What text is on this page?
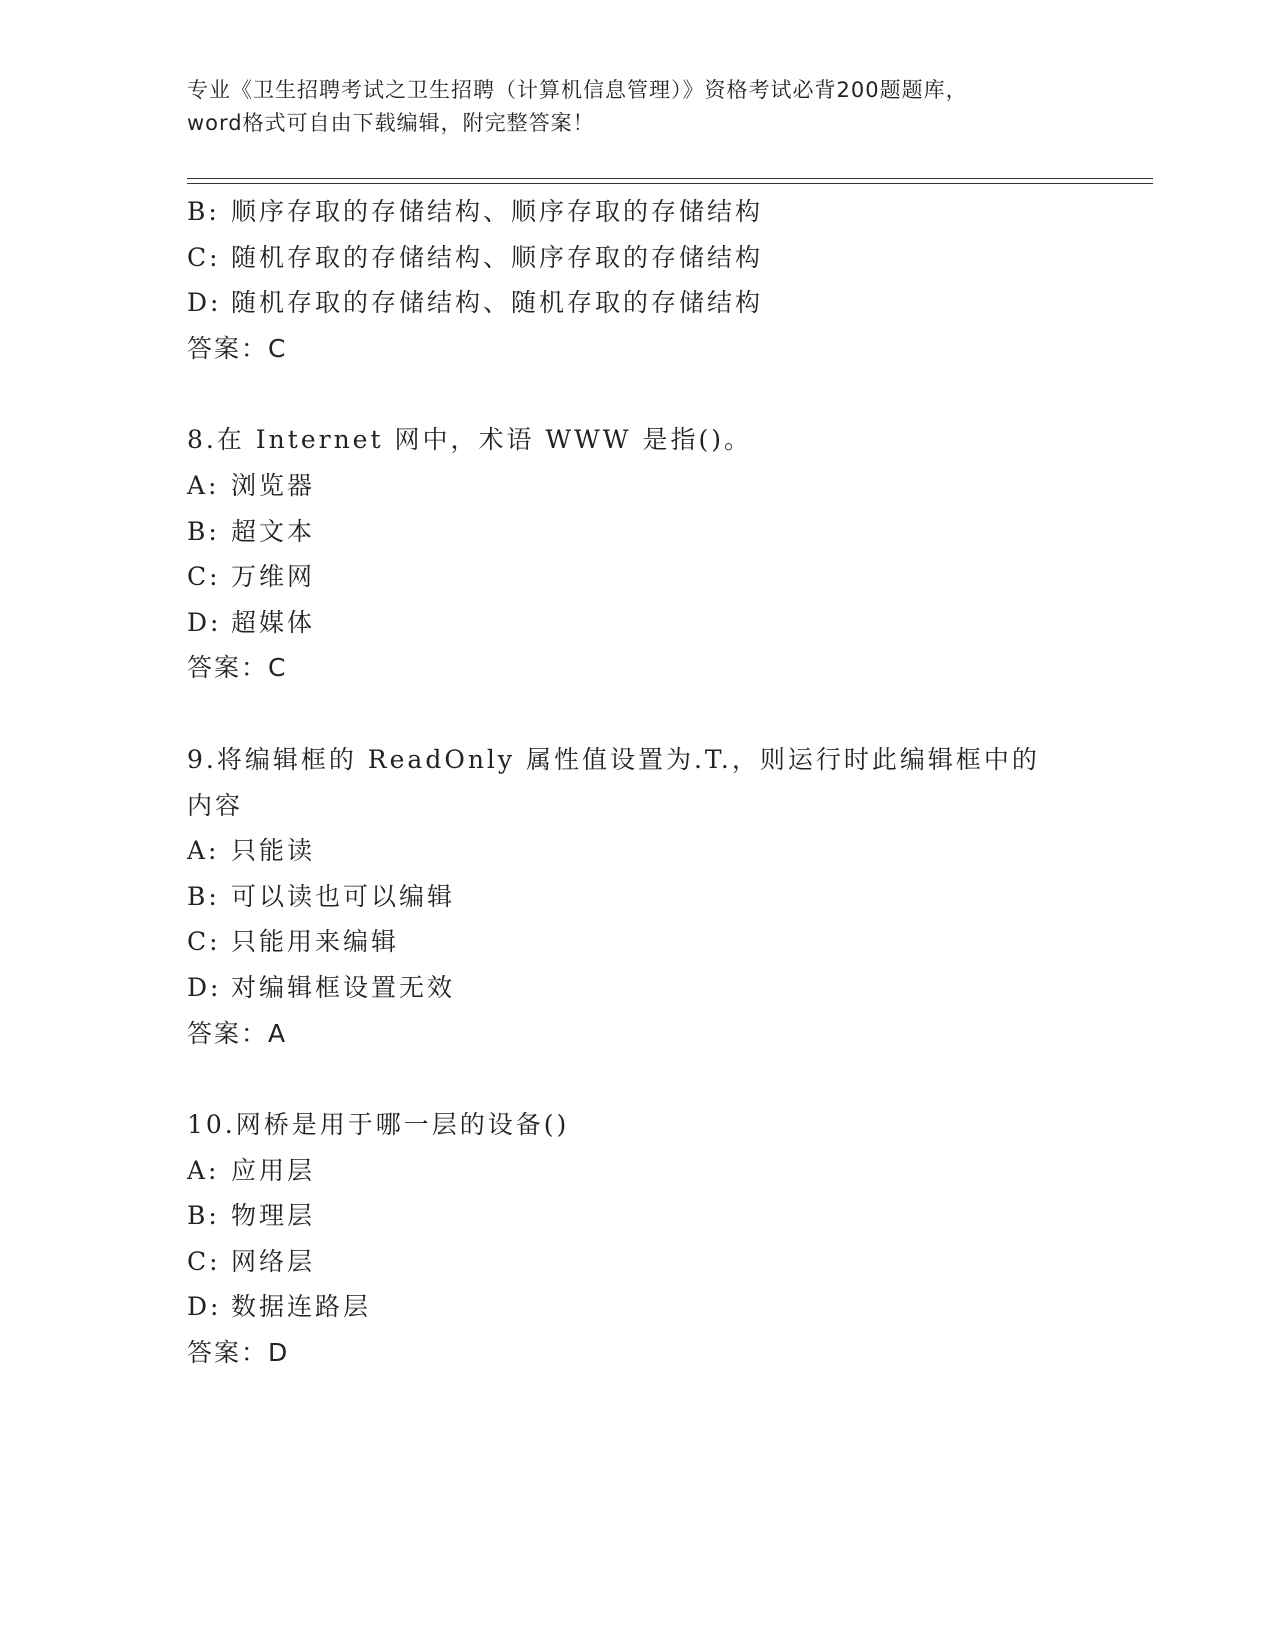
专业《卫生招聘考试之卫生招聘（计算机信息管理）》资格考试必背200题题库，
word格式可自由下载编辑，附完整答案！
B: 顺序存取的存储结构、顺序存取的存储结构
C: 随机存取的存储结构、顺序存取的存储结构
D: 随机存取的存储结构、随机存取的存储结构
答案：C
8.在 Internet 网中，术语 WWW 是指()。
A: 浏览器
B: 超文本
C: 万维网
D: 超媒体
答案：C
9.将编辑框的 ReadOnly 属性值设置为.T.，则运行时此编辑框中的内容
A: 只能读
B: 可以读也可以编辑
C: 只能用来编辑
D: 对编辑框设置无效
答案：A
10.网桥是用于哪一层的设备()
A: 应用层
B: 物理层
C: 网络层
D: 数据连路层
答案：D
